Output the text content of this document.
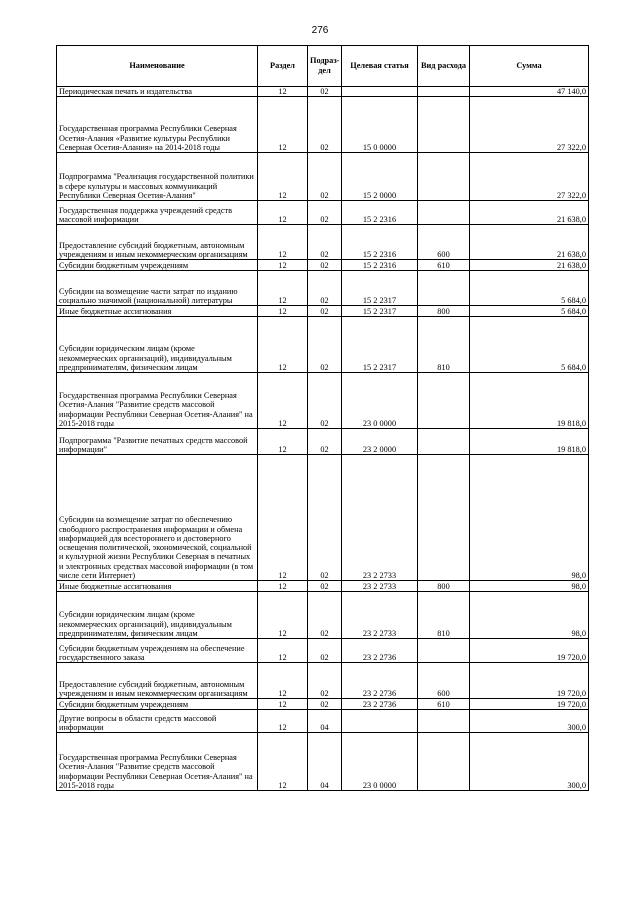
276
Наименование	Раздел	Подраз-дел	Целевая статья	Вид расхода	Сумма
Периодическая печать и издательства	12	02			47 140,0
Государственная программа Республики Северная Осетия-Алания «Развитие культуры Республики Северная Осетия-Алания» на 2014-2018 годы	12	02	15 0 0000		27 322,0
Подпрограмма "Реализация государственной политики в сфере культуры и массовых коммуникаций Республики Северная Осетия-Алания"	12	02	15 2 0000		27 322,0
Государственная поддержка учреждений средств массовой информации	12	02	15 2 2316		21 638,0
Предоставление субсидий бюджетным, автономным учреждениям и иным некоммерческим организациям	12	02	15 2 2316	600	21 638,0
Субсидии бюджетным учреждениям	12	02	15 2 2316	610	21 638,0
Субсидии на возмещение части затрат по изданию социально значимой (национальной) литературы	12	02	15 2 2317		5 684,0
Иные бюджетные ассигнования	12	02	15 2 2317	800	5 684,0
Субсидии юридическим лицам (кроме некоммерческих организаций), индивидуальным предпринимателям, физическим лицам	12	02	15 2 2317	810	5 684,0
Государственная программа Республики Северная Осетия-Алания "Развитие средств массовой информации Республики Северная Осетия-Алания" на 2015-2018 годы	12	02	23 0 0000		19 818,0
Подпрограмма "Развитие печатных средств массовой информации"	12	02	23 2 0000		19 818,0
Субсидии на возмещение затрат по обеспечению свободного распространения информации и обмена информацией для всестороннего и достоверного освещения политической, экономической, социальной и культурной жизни Республики Северная в печатных и электронных средствах массовой информации (в том числе сети Интернет)	12	02	23 2 2733		98,0
Иные бюджетные ассигнования	12	02	23 2 2733	800	98,0
Субсидии юридическим лицам (кроме некоммерческих организаций), индивидуальным предпринимателям, физическим лицам	12	02	23 2 2733	810	98,0
Субсидии бюджетным учреждениям на обеспечение государственного заказа	12	02	23 2 2736		19 720,0
Предоставление субсидий бюджетным, автономным учреждениям и иным некоммерческим организациям	12	02	23 2 2736	600	19 720,0
Субсидии бюджетным учреждениям	12	02	23 2 2736	610	19 720,0
Другие вопросы в области средств массовой информации	12	04			300,0
Государственная программа Республики Северная Осетия-Алания "Развитие средств массовой информации Республики Северная Осетия-Алания" на 2015-2018 годы	12	04	23 0 0000		300,0
